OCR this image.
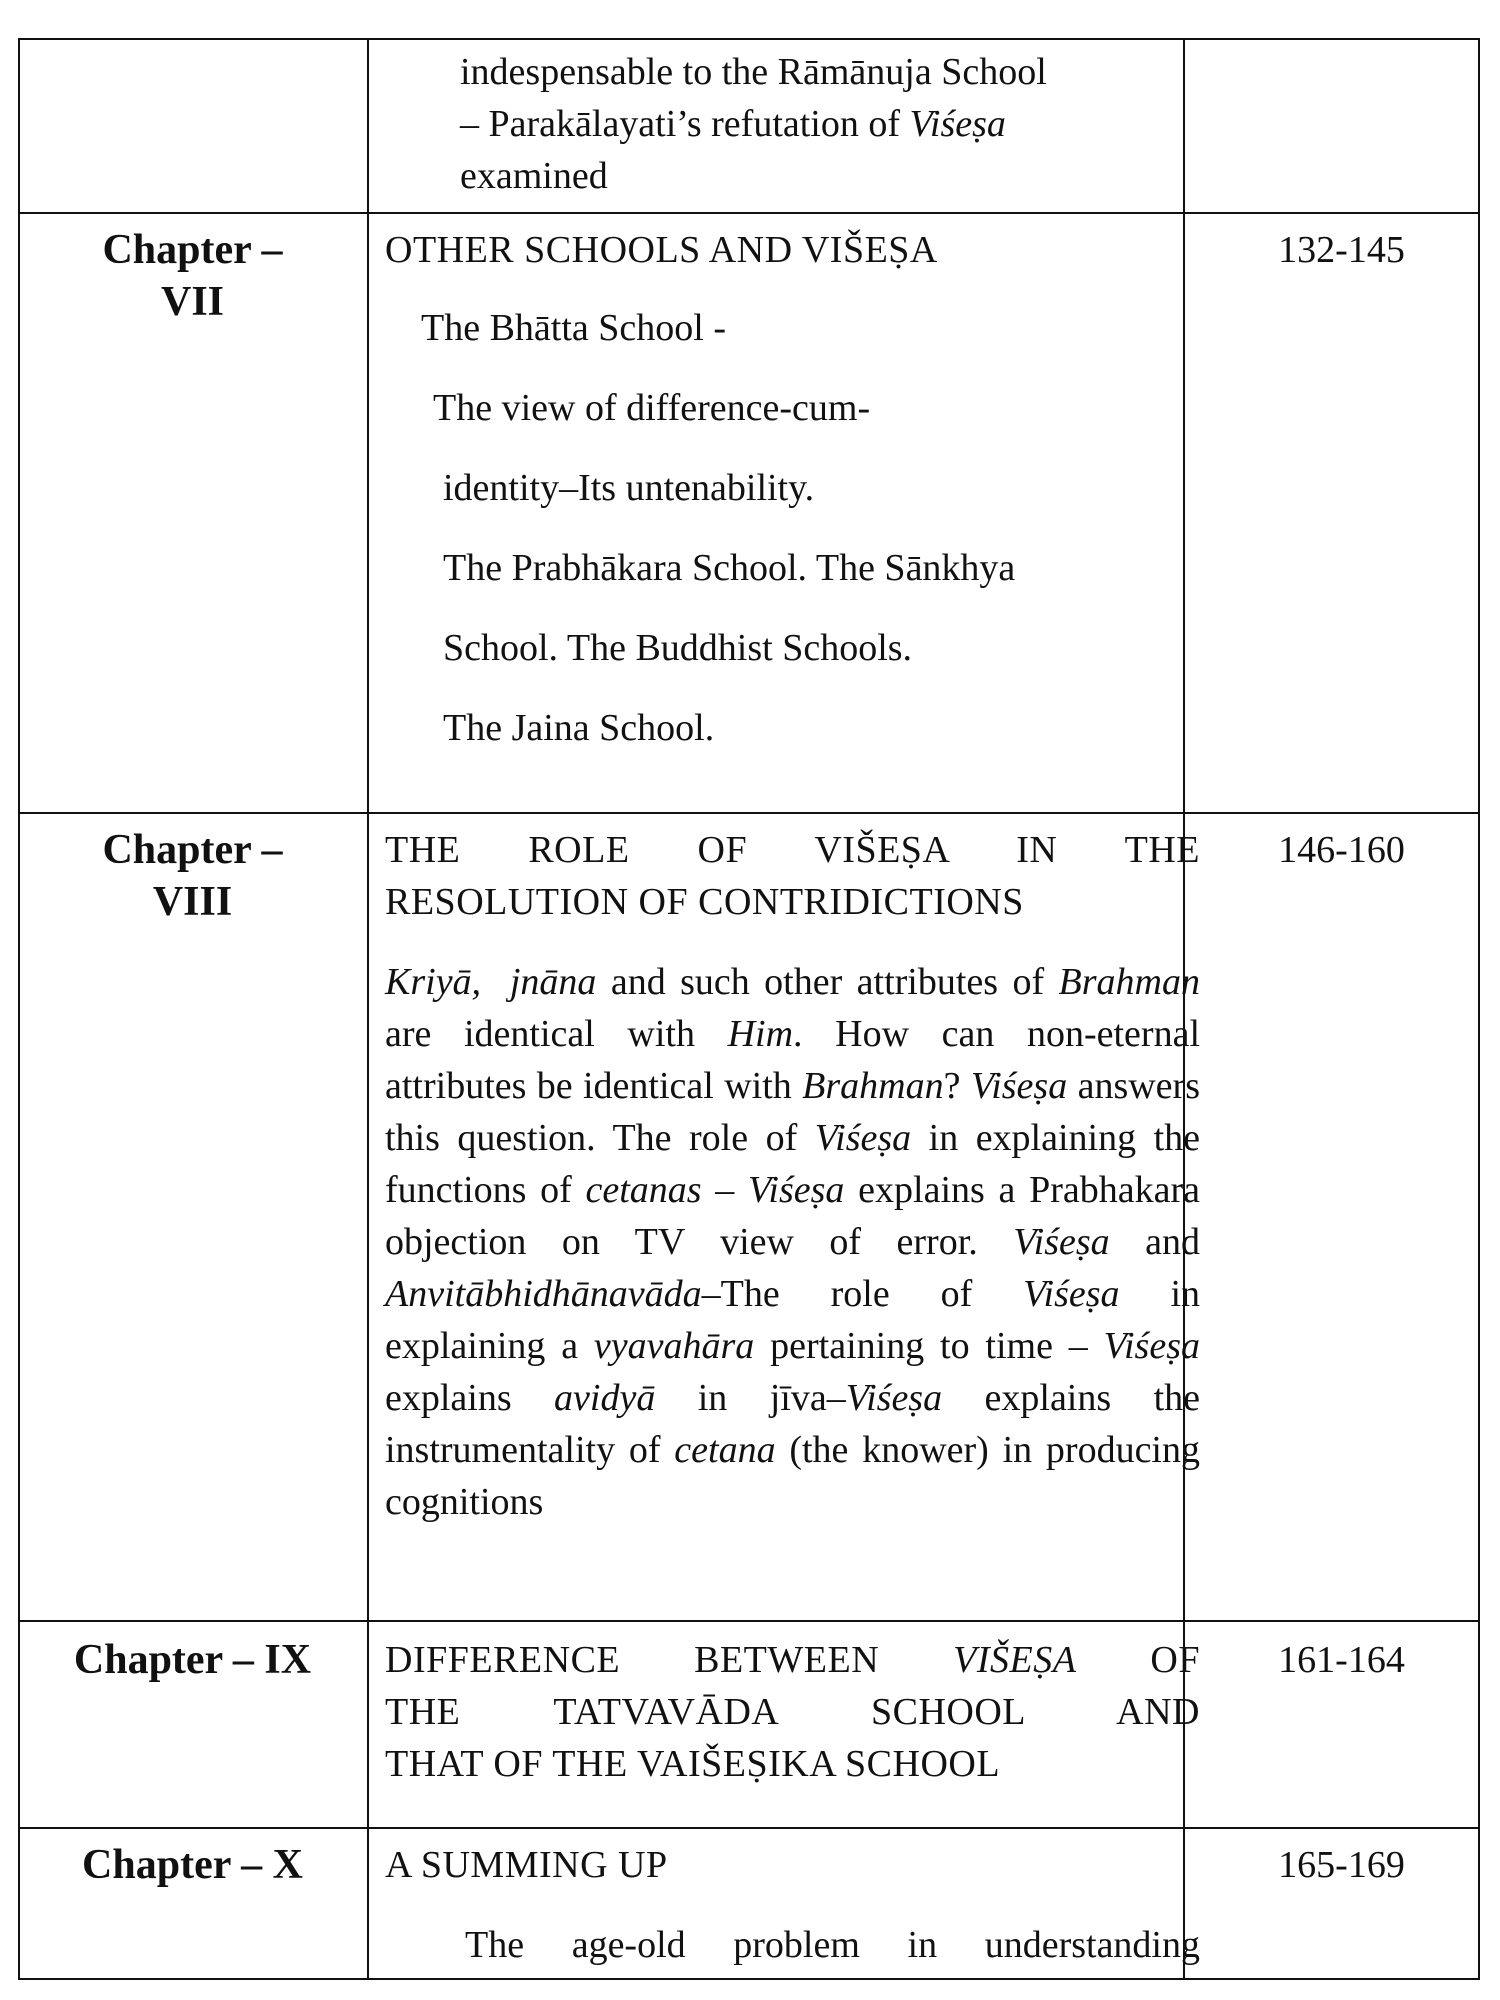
indespensable to the Rāmānuja School
– Parakālayati’s refutation of Viśeṣa
examined
Chapter –
VII
OTHER SCHOOLS AND VIŠEṢA
The Bhātta School -
The view of difference-cum-
identity–Its untenability.
The Prabhākara School. The Sānkhya
School. The Buddhist Schools.
The Jaina School.
132-145
Chapter –
VIII
THE ROLE OF VIŠEṢA IN THE
RESOLUTION OF CONTRIDICTIONS
Kriyā, jnāna and such other attributes of Brahman are identical with Him. How can non-eternal attributes be identical with Brahman? Viśeṣa answers this question. The role of Viśeṣa in explaining the functions of cetanas – Viśeṣa explains a Prabhakara objection on TV view of error. Viśeṣa and Anvitābhidhānavāda–The role of Viśeṣa in explaining a vyavahāra pertaining to time – Viśeṣa explains avidyā in jīva–Viśeṣa explains the instrumentality of cetana (the knower) in producing cognitions
146-160
Chapter – IX	DIFFERENCE BETWEEN VIŠEṢA OF
THE TATVAVĀDA SCHOOL AND
THAT OF THE VAIŠEṢIKA SCHOOL
161-164
Chapter – X	A SUMMING UP
The age-old problem in understanding
165-169
